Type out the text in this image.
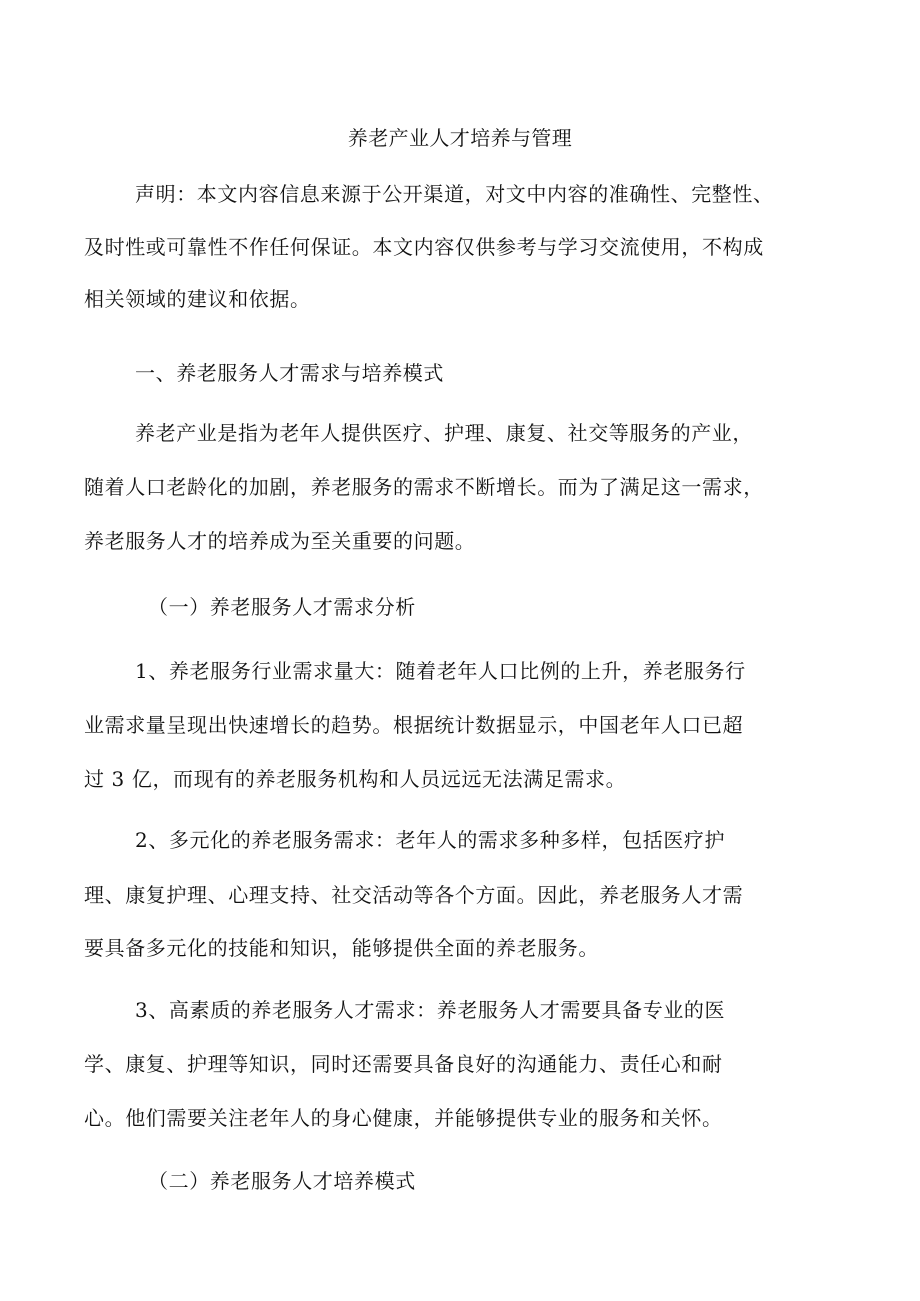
养老产业人才培养与管理
声明：本文内容信息来源于公开渠道，对文中内容的准确性、完整性、
及时性或可靠性不作任何保证。本文内容仅供参考与学习交流使用，不构成
相关领域的建议和依据。
一、养老服务人才需求与培养模式
养老产业是指为老年人提供医疗、护理、康复、社交等服务的产业，
随着人口老龄化的加剧，养老服务的需求不断增长。而为了满足这一需求，
养老服务人才的培养成为至关重要的问题。
（一）养老服务人才需求分析
1、养老服务行业需求量大：随着老年人口比例的上升，养老服务行
业需求量呈现出快速增长的趋势。根据统计数据显示，中国老年人口已超
过 3 亿，而现有的养老服务机构和人员远远无法满足需求。
2、多元化的养老服务需求：老年人的需求多种多样，包括医疗护
理、康复护理、心理支持、社交活动等各个方面。因此，养老服务人才需
要具备多元化的技能和知识，能够提供全面的养老服务。
3、高素质的养老服务人才需求：养老服务人才需要具备专业的医
学、康复、护理等知识，同时还需要具备良好的沟通能力、责任心和耐
心。他们需要关注老年人的身心健康，并能够提供专业的服务和关怀。
（二）养老服务人才培养模式
